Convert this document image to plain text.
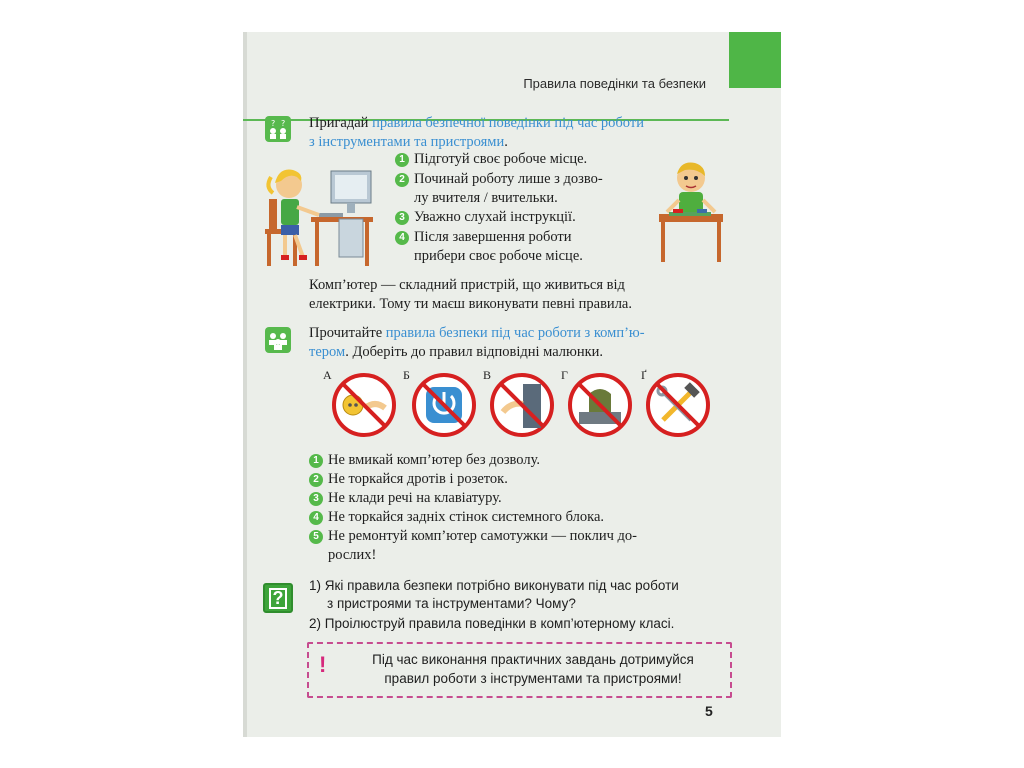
Правила поведінки та безпеки
? ? Пригадай правила безпечної поведінки під час роботи
з інструментами та пристроями.
1 Підготуй своє робоче місце.
2 Починай роботу лише з дозво-
лу вчителя / вчительки.
3 Уважно слухай інструкції.
4 Після завершення роботи
прибери своє робоче місце.
Комп’ютер — складний пристрій, що живиться від
електрики. Тому ти маєш виконувати певні правила.
Прочитайте правила безпеки під час роботи з комп’ю-
тером. Доберіть до правил відповідні малюнки.
А	Б	В	Г	Ґ
1 Не вмикай комп’ютер без дозволу.
2 Не торкайся дротів і розеток.
3 Не клади речі на клавіатуру.
4 Не торкайся задніх стінок системного блока.
5 Не ремонтуй комп’ютер самотужки — поклич до-
рослих!
?
1) Які правила безпеки потрібно виконувати під час роботи
з пристроями та інструментами? Чому?
2) Проілюструй правила поведінки в комп’ютерному класі.
!	Під час виконання практичних завдань дотримуйся
правил роботи з інструментами та пристроями!
5
